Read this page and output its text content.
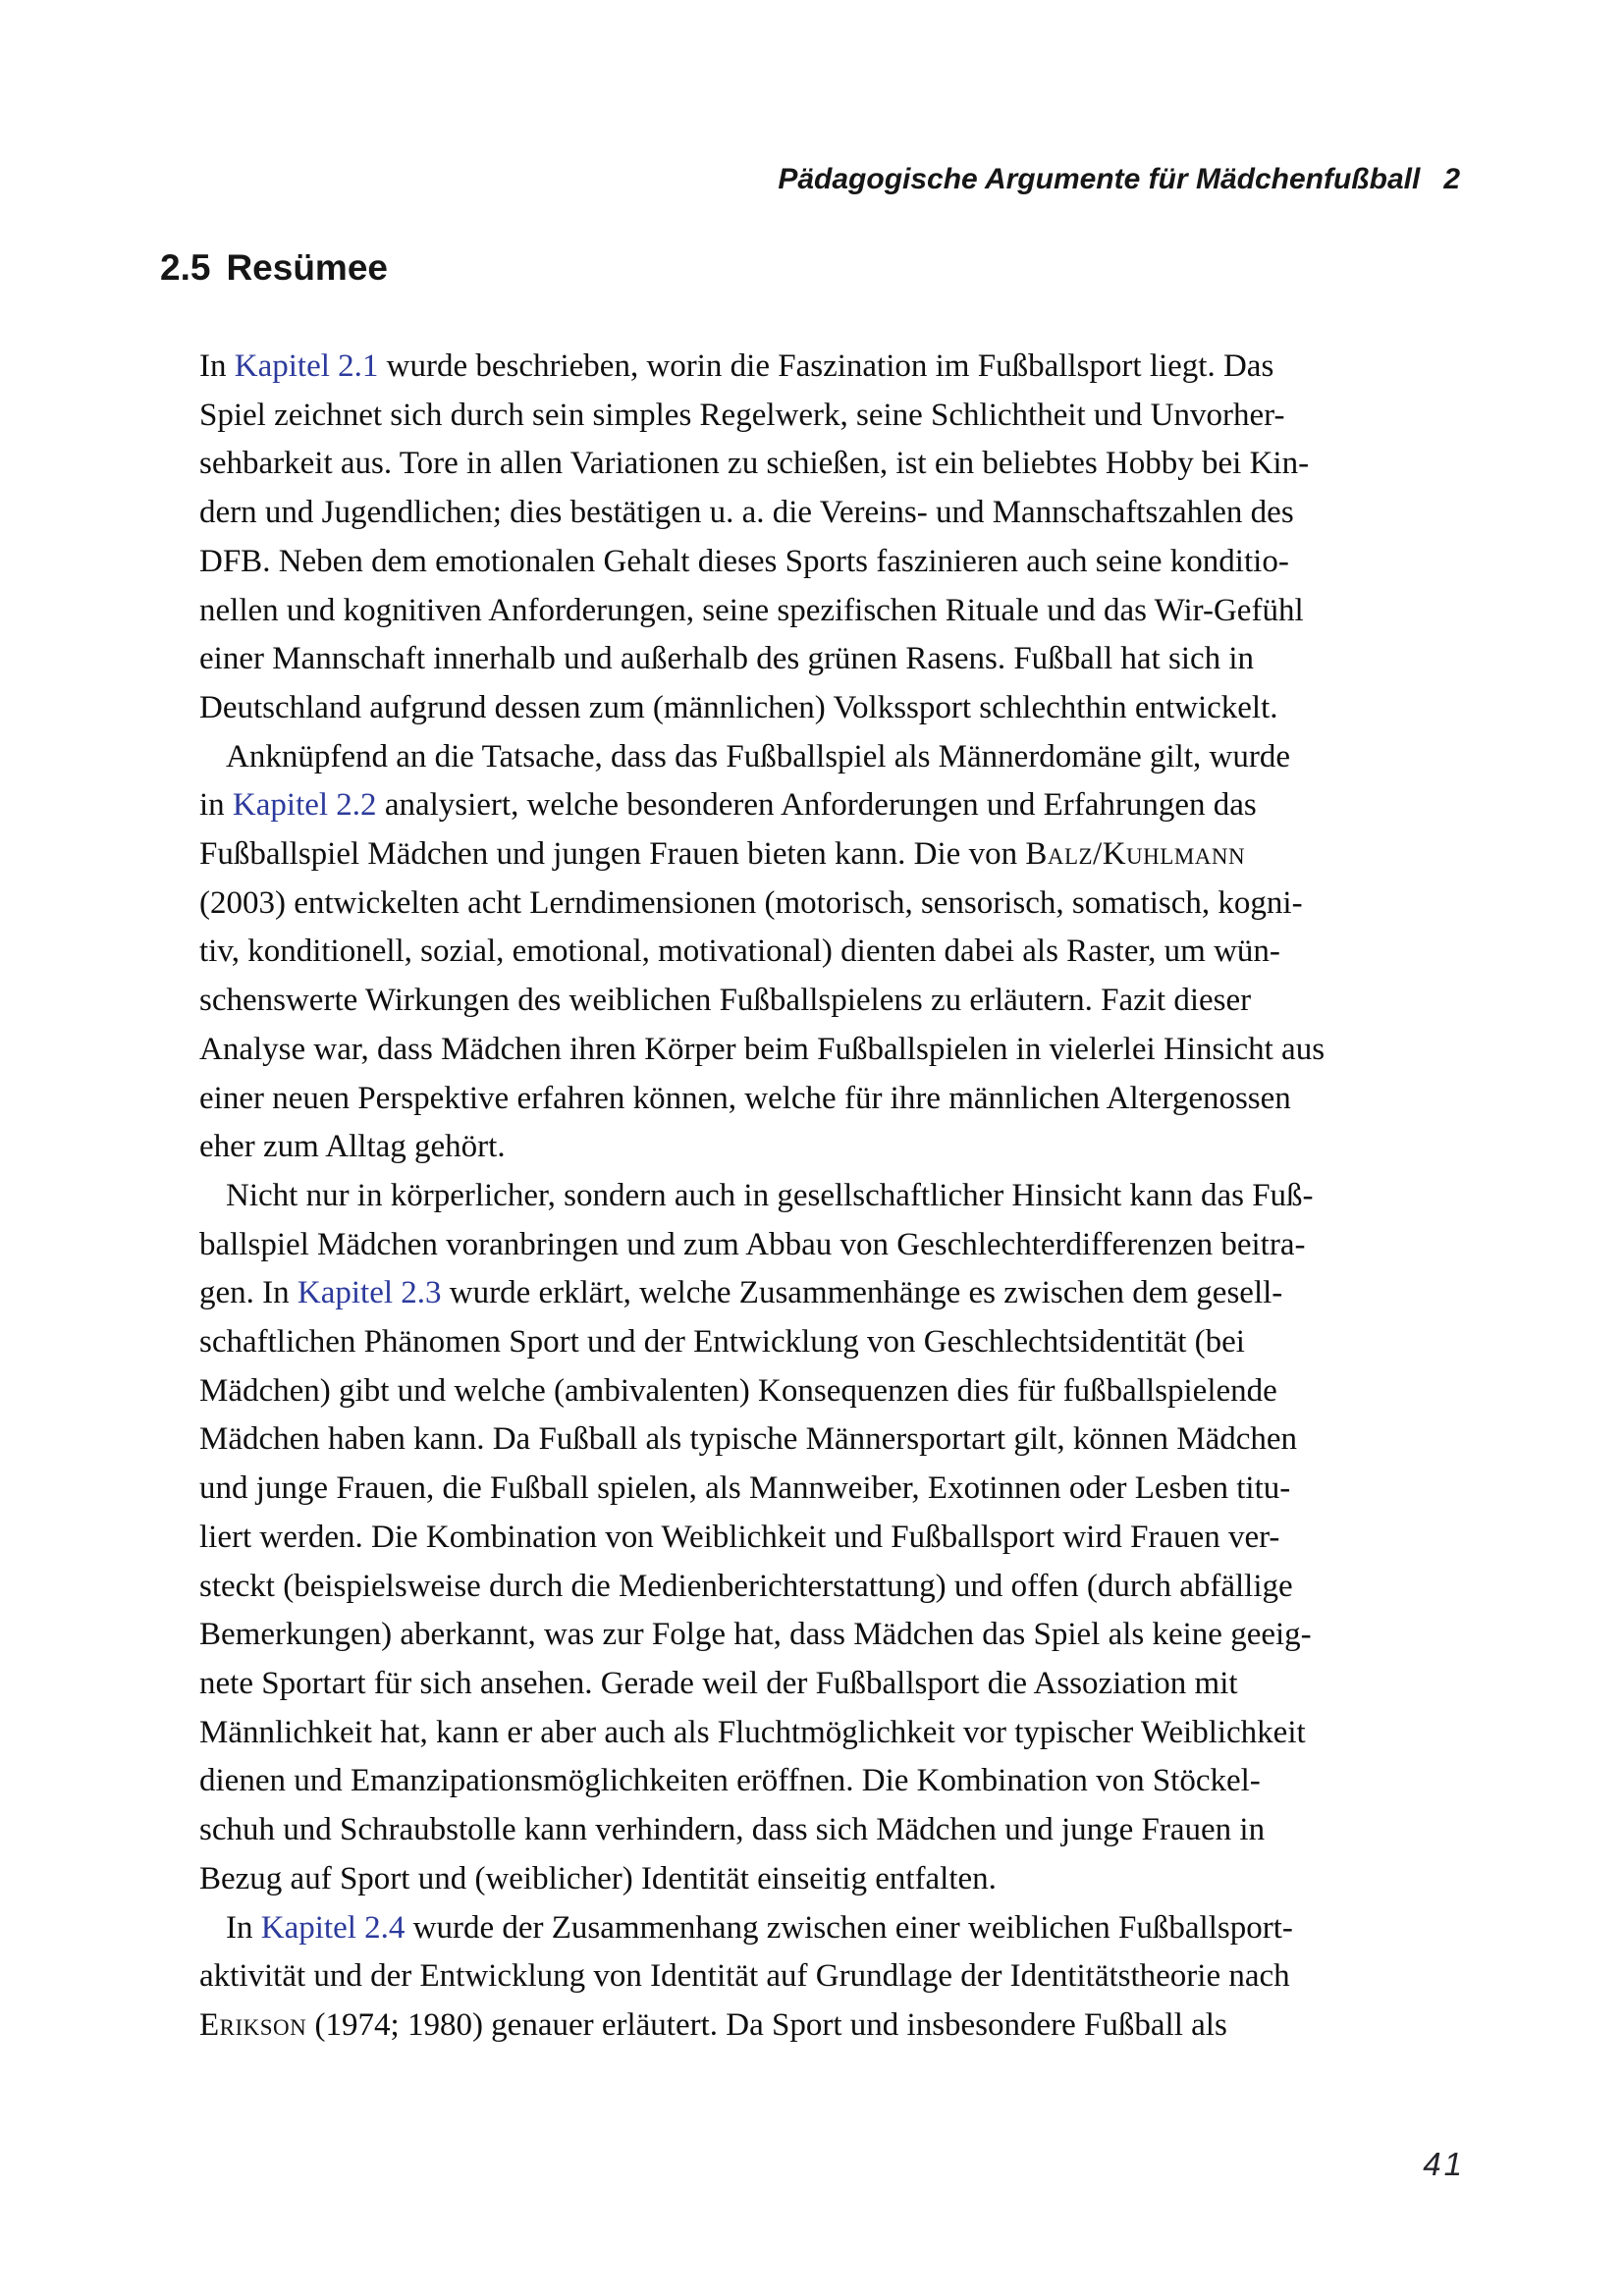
Pädagogische Argumente für Mädchenfußball 2
2.5 Resümee
In Kapitel 2.1 wurde beschrieben, worin die Faszination im Fußballsport liegt. Das
Spiel zeichnet sich durch sein simples Regelwerk, seine Schlichtheit und Unvorher-
sehbarkeit aus. Tore in allen Variationen zu schießen, ist ein beliebtes Hobby bei Kin-
dern und Jugendlichen; dies bestätigen u. a. die Vereins- und Mannschaftszahlen des
DFB. Neben dem emotionalen Gehalt dieses Sports faszinieren auch seine konditio-
nellen und kognitiven Anforderungen, seine spezifischen Rituale und das Wir-Gefühl
einer Mannschaft innerhalb und außerhalb des grünen Rasens. Fußball hat sich in
Deutschland aufgrund dessen zum (männlichen) Volkssport schlechthin entwickelt.
Anknüpfend an die Tatsache, dass das Fußballspiel als Männerdomäne gilt, wurde
in Kapitel 2.2 analysiert, welche besonderen Anforderungen und Erfahrungen das
Fußballspiel Mädchen und jungen Frauen bieten kann. Die von Balz/Kuhlmann
(2003) entwickelten acht Lerndimensionen (motorisch, sensorisch, somatisch, kogni-
tiv, konditionell, sozial, emotional, motivational) dienten dabei als Raster, um wün-
schenswerte Wirkungen des weiblichen Fußballspielens zu erläutern. Fazit dieser
Analyse war, dass Mädchen ihren Körper beim Fußballspielen in vielerlei Hinsicht aus
einer neuen Perspektive erfahren können, welche für ihre männlichen Altergenossen
eher zum Alltag gehört.
Nicht nur in körperlicher, sondern auch in gesellschaftlicher Hinsicht kann das Fuß-
ballspiel Mädchen voranbringen und zum Abbau von Geschlechterdifferenzen beitra-
gen. In Kapitel 2.3 wurde erklärt, welche Zusammenhänge es zwischen dem gesell-
schaftlichen Phänomen Sport und der Entwicklung von Geschlechtsidentität (bei
Mädchen) gibt und welche (ambivalenten) Konsequenzen dies für fußballspielende
Mädchen haben kann. Da Fußball als typische Männersportart gilt, können Mädchen
und junge Frauen, die Fußball spielen, als Mannweiber, Exotinnen oder Lesben titu-
liert werden. Die Kombination von Weiblichkeit und Fußballsport wird Frauen ver-
steckt (beispielsweise durch die Medienberichterstattung) und offen (durch abfällige
Bemerkungen) aberkannt, was zur Folge hat, dass Mädchen das Spiel als keine geeig-
nete Sportart für sich ansehen. Gerade weil der Fußballsport die Assoziation mit
Männlichkeit hat, kann er aber auch als Fluchtmöglichkeit vor typischer Weiblichkeit
dienen und Emanzipationsmöglichkeiten eröffnen. Die Kombination von Stöckel-
schuh und Schraubstolle kann verhindern, dass sich Mädchen und junge Frauen in
Bezug auf Sport und (weiblicher) Identität einseitig entfalten.
In Kapitel 2.4 wurde der Zusammenhang zwischen einer weiblichen Fußballsport-
aktivität und der Entwicklung von Identität auf Grundlage der Identitätstheorie nach
Erikson (1974; 1980) genauer erläutert. Da Sport und insbesondere Fußball als
41
